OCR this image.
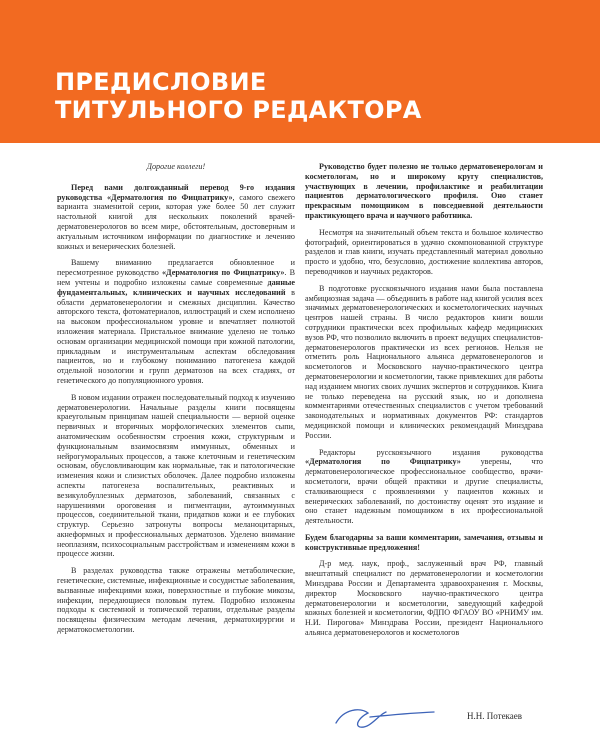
ПРЕДИСЛОВИЕ
ТИТУЛЬНОГО РЕДАКТОРА

Дорогие коллеги!

Перед вами долгожданный перевод 9-го издания руководства «Дерматология по Фицпатрику», самого свежего варианта знаменитой серии, которая уже более 50 лет служит настольной книгой для нескольких поколений врачей-дерматовенерологов во всем мире, обстоятельным, достоверным и актуальным источником информации по диагностике и лечению кожных и венерических болезней.

Вашему вниманию предлагается обновленное и пересмотренное руководство «Дерматология по Фицпатрику». В нем учтены и подробно изложены самые современные данные фундаментальных, клинических и научных исследований в области дерматовенерологии и смежных дисциплин. Качество авторского текста, фотоматериалов, иллюстраций и схем исполнено на высоком профессиональном уровне и впечатляет полнотой изложения материала. Пристальное внимание уделено не только основам организации медицинской помощи при кожной патологии, прикладным и инструментальным аспектам обследования пациентов, но и глубокому пониманию патогенеза каждой отдельной нозологии и групп дерматозов на всех стадиях, от генетического до популяционного уровня.

В новом издании отражен последовательный подход к изучению дерматовенерологии. Начальные разделы книги посвящены краеугольным принципам нашей специальности — верной оценке первичных и вторичных морфологических элементов сыпи, анатомическим особенностям строения кожи, структурным и функциональным взаимосвязям иммунных, обменных и нейрогуморальных процессов, а также клеточным и генетическим основам, обусловливающим как нормальные, так и патологические изменения кожи и слизистых оболочек. Далее подробно изложены аспекты патогенеза воспалительных, реактивных и везикулобуллезных дерматозов, заболеваний, связанных с нарушениями ороговения и пигментации, аутоиммунных процессов, соединительной ткани, придатков кожи и ее глубоких структур. Серьезно затронуты вопросы меланоцитарных, акнеформных и профессиональных дерматозов. Уделено внимание неоплазиям, психосоциальным расстройствам и изменениям кожи в процессе жизни.

В разделах руководства также отражены метаболические, генетические, системные, инфекционные и сосудистые заболевания, вызванные инфекциями кожи, поверхностные и глубокие микозы, инфекции, передающиеся половым путем. Подробно изложены подходы к системной и топической терапии, отдельные разделы посвящены физическим методам лечения, дерматохирургии и дерматокосметологии.

Руководство будет полезно не только дерматовенерологам и косметологам, но и широкому кругу специалистов, участвующих в лечении, профилактике и реабилитации пациентов дерматологического профиля. Оно станет прекрасным помощником в повседневной деятельности практикующего врача и научного работника.

Несмотря на значительный объем текста и большое количество фотографий, ориентироваться в удачно скомпонованной структуре разделов и глав книги, изучать представленный материал довольно просто и удобно, что, безусловно, достижение коллектива авторов, переводчиков и научных редакторов.

В подготовке русскоязычного издания нами была поставлена амбициозная задача — объединить в работе над книгой усилия всех значимых дерматовенерологических и косметологических научных центров нашей страны. В число редакторов книги вошли сотрудники практически всех профильных кафедр медицинских вузов РФ, что позволило включить в проект ведущих специалистов-дерматовенерологов практически из всех регионов. Нельзя не отметить роль Национального альянса дерматовенерологов и косметологов и Московского научно-практического центра дерматовенерологии и косметологии, также привлекших для работы над изданием многих своих лучших экспертов и сотрудников. Книга не только переведена на русский язык, но и дополнена комментариями отечественных специалистов с учетом требований законодательных и нормативных документов РФ: стандартов медицинской помощи и клинических рекомендаций Минздрава России.

Редакторы русскоязычного издания руководства «Дерматология по Фицпатрику» уверены, что дерматовенерологическое профессиональное сообщество, врачи-косметологи, врачи общей практики и другие специалисты, сталкивающиеся с проявлениями у пациентов кожных и венерических заболеваний, по достоинству оценят это издание и оно станет надежным помощником в их профессиональной деятельности.

Будем благодарны за ваши комментарии, замечания, отзывы и конструктивные предложения!

Д-р мед. наук, проф., заслуженный врач РФ, главный внештатный специалист по дерматовенерологии и косметологии Минздрава России и Департамента здравоохранения г. Москвы, директор Московского научно-практического центра дерматовенерологии и косметологии, заведующий кафедрой кожных болезней и косметологии, ФДПО ФГАОУ ВО «РНИМУ им. Н.И. Пирогова» Минздрава России, президент Национального альянса дерматовенерологов и косметологов

Н.Н. Потекаев
